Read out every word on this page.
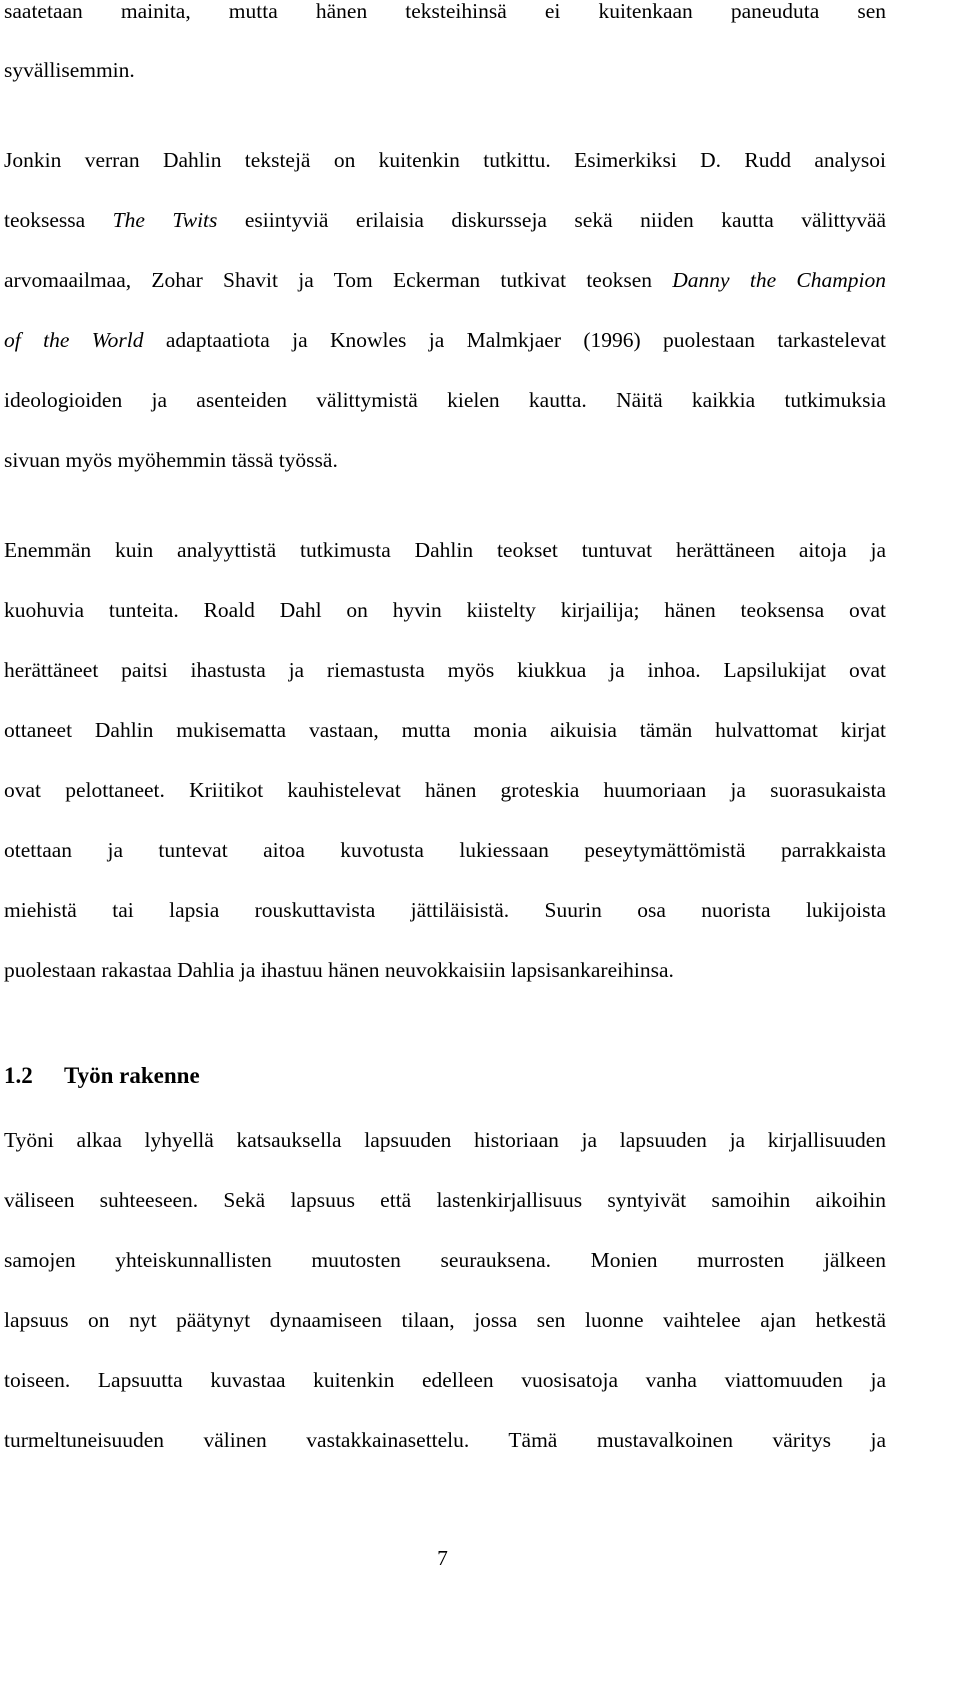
saatetaan mainita, mutta hänen teksteihinsä ei kuitenkaan paneuduta sen
syvällisemmin.
Jonkin verran Dahlin tekstejä on kuitenkin tutkittu. Esimerkiksi D. Rudd analysoi
teoksessa The Twits esiintyviä erilaisia diskursseja sekä niiden kautta välittyvää
arvomaailmaa, Zohar Shavit ja Tom Eckerman tutkivat teoksen Danny the Champion
of the World adaptaatiota ja Knowles ja Malmkjaer (1996) puolestaan tarkastelevat
ideologioiden ja asenteiden välittymistä kielen kautta. Näitä kaikkia tutkimuksia
sivuan myös myöhemmin tässä työssä.
Enemmän kuin analyyttistä tutkimusta Dahlin teokset tuntuvat herättäneen aitoja ja
kuohuvia tunteita. Roald Dahl on hyvin kiistelty kirjailija; hänen teoksensa ovat
herättäneet paitsi ihastusta ja riemastusta myös kiukkua ja inhoa. Lapsilukijat ovat
ottaneet Dahlin mukisematta vastaan, mutta monia aikuisia tämän hulvattomat kirjat
ovat pelottaneet. Kriitikot kauhistelevat hänen groteskia huumoriaan ja suorasukaista
otettaan ja tuntevat aitoa kuvotusta lukiessaan peseytymättömistä parrakkaista
miehistä tai lapsia rouskuttavista jättiläisistä. Suurin osa nuorista lukijoista
puolestaan rakastaa Dahlia ja ihastuu hänen neuvokkaisiin lapsisankareihinsa.
1.2 Työn rakenne
Työni alkaa lyhyellä katsauksella lapsuuden historiaan ja lapsuuden ja kirjallisuuden
väliseen suhteeseen. Sekä lapsuus että lastenkirjallisuus syntyivät samoihin aikoihin
samojen yhteiskunnallisten muutosten seurauksena. Monien murrosten jälkeen
lapsuus on nyt päätynyt dynaamiseen tilaan, jossa sen luonne vaihtelee ajan hetkestä
toiseen. Lapsuutta kuvastaa kuitenkin edelleen vuosisatoja vanha viattomuuden ja
turmeltuneisuuden välinen vastakkainasettelu. Tämä mustavalkoinen väritys ja
7
